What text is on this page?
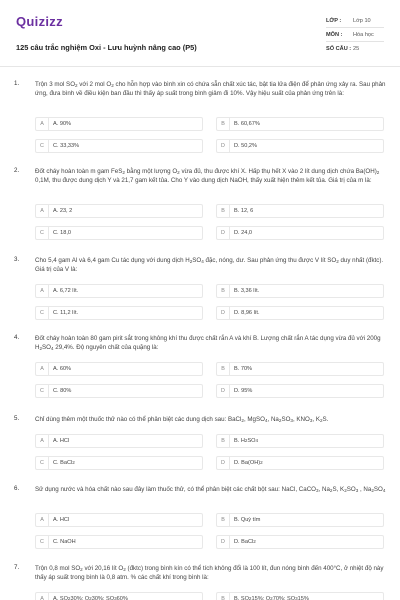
Quizizz
125 câu trắc nghiệm Oxi - Lưu huỳnh nâng cao (P5)
LỚP :	Lớp 10
MÔN :	Hóa học
SỐ CÂU : 25
1.	Trộn 3 mol $SO_2$ với 2 mol $O_2$ cho hỗn hợp vào bình xin có chứa sẵn chất xúc tác, bật tia lửa điện để phản ứng xảy ra. Sau phản ứng, đưa bình về điều kiện ban đầu thì thấy áp suất trong bình giảm đi 10%. Vậy hiệu suất của phản ứng trên là:
A	A. 90%	B	B. 60,67%
C	C. 33,33%	D	D. 50,2%
2.	Đốt cháy hoàn toàn m gam FeS$_2$ bằng một lượng $O_2$ vừa đủ, thu được khí X. Hấp thụ hết X vào 2 lít dung dịch chứa $Ba(OH)_2$ 0,1M, thu được dung dịch Y và 21,7 gam kết tủa. Cho Y vào dung dịch NaOH, thấy xuất hiện thêm kết tủa. Giá trị của m là:
A	A. 23, 2	B	B. 12, 6
C	C. 18,0	D	D. 24,0
3.	Cho 5,4 gam Al và 6,4 gam Cu tác dụng với dung dịch $H_2SO_4$ đặc, nóng, dư. Sau phản ứng thu được V lít $SO_2$ duy nhất (đktc). Giá trị của V là:
A	A. 6,72 lít.	B	B. 3,36 lít.
C	C. 11,2 lít.	D	D. 8,96 lít.
4.	Đốt cháy hoàn toàn 80 gam pirit sắt trong không khí thu được chất rắn A và khí B. Lượng chất rắn A tác dụng vừa đủ với 200g $H_2SO_4$ 29,4%. Độ nguyên chất của quặng là:
A	A. 60%	B	B. 70%
C	C. 80%	D	D. 95%
5.	Chỉ dùng thêm một thuốc thử nào có thể phân biệt các dung dịch sau: BaCl$_2$, MgSO$_4$, $Na_2SO_3$, $KNO_3$, $K_2S$.
A	A. HCl	B	B. H 2 SO 4
C	C. BaCl 2	D	D. Ba(OH) 2
6.	Sử dụng nước và hóa chất nào sau đây làm thuốc thử, có thể phân biệt các chất bột sau: NaCl, CaCO$_3$, $Na_2S$, $K_2SO_3$ , $Na_2SO_4$
A	A. HCl	B	B. Quỳ tím
C	C. NaOH	D	D. BaCl 2
7.	Trộn 0,8 mol $SO_2$ với 20,16 lít $O_2$ (đktc) trong bình kín có thể tích không đổi là 100 lít, đun nóng bình đến 400°C, ở nhiệt độ này thấy áp suất trong bình là 0,8 atm. % các chất khí trong bình là:
A	A. SO 2 30%; O 2 30%; SO 3 60%	B	B. SO 2 15%; O 2 70%; SO 3 15%
